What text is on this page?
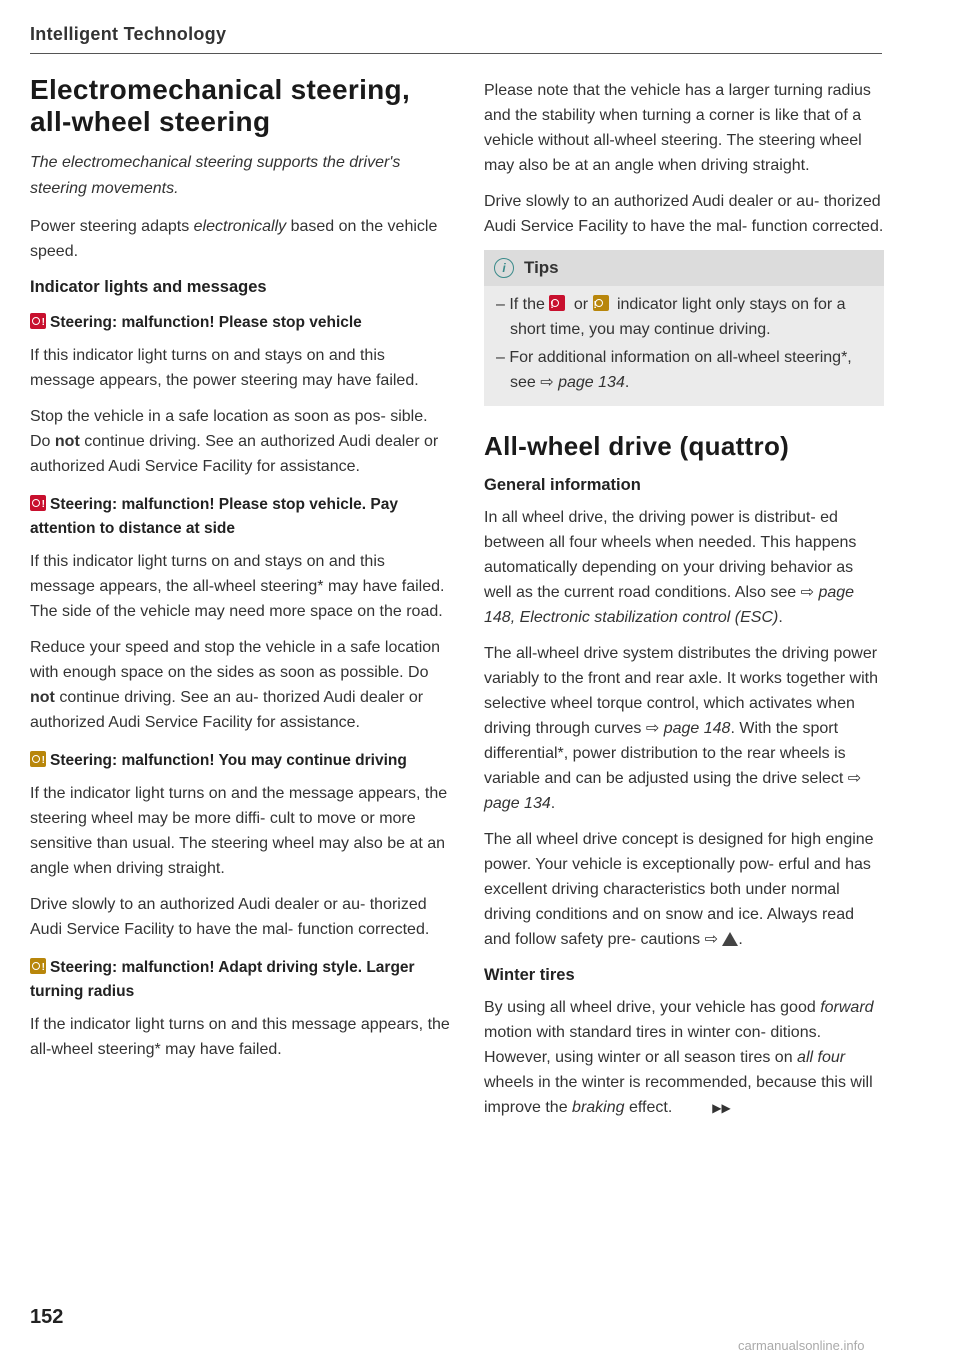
Intelligent Technology
Electromechanical steering, all-wheel steering
The electromechanical steering supports the driver's steering movements.

Power steering adapts electronically based on the vehicle speed.

Indicator lights and messages
!Steering: malfunction! Please stop vehicle

If this indicator light turns on and stays on and this message appears, the power steering may have failed.

Stop the vehicle in a safe location as soon as pos- sible. Do not continue driving. See an authorized Audi dealer or authorized Audi Service Facility for assistance.

!Steering: malfunction! Please stop vehicle. Pay attention to distance at side

If this indicator light turns on and stays on and this message appears, the all-wheel steering* may have failed. The side of the vehicle may need more space on the road.

Reduce your speed and stop the vehicle in a safe location with enough space on the sides as soon as possible. Do not continue driving. See an au- thorized Audi dealer or authorized Audi Service Facility for assistance.

!Steering: malfunction! You may continue driving

If the indicator light turns on and the message appears, the steering wheel may be more diffi- cult to move or more sensitive than usual. The steering wheel may also be at an angle when driving straight.

Drive slowly to an authorized Audi dealer or au- thorized Audi Service Facility to have the mal- function corrected.

!Steering: malfunction! Adapt driving style. Larger turning radius

If the indicator light turns on and this message appears, the all-wheel steering* may have failed.

Please note that the vehicle has a larger turning radius and the stability when turning a corner is like that of a vehicle without all-wheel steering. The steering wheel may also be at an angle when driving straight.

Drive slowly to an authorized Audi dealer or au- thorized Audi Service Facility to have the mal- function corrected.

i	Tips
– If the ! or ! indicator light only stays on for a short time, you may continue driving.
– For additional information on all-wheel steering*, see ⇨ page 134.
All-wheel drive (quattro)
General information

In all wheel drive, the driving power is distribut- ed between all four wheels when needed. This happens automatically depending on your driving behavior as well as the current road conditions. Also see ⇨ page 148, Electronic stabilization control (ESC).

The all-wheel drive system distributes the driving power variably to the front and rear axle. It works together with selective wheel torque control, which activates when driving through curves ⇨ page 148. With the sport differential*, power distribution to the rear wheels is variable and can be adjusted using the drive select ⇨ page 134.

The all wheel drive concept is designed for high engine power. Your vehicle is exceptionally pow- erful and has excellent driving characteristics both under normal driving conditions and on snow and ice. Always read and follow safety pre- cautions ⇨ .

Winter tires

By using all wheel drive, your vehicle has good forward motion with standard tires in winter con- ditions. However, using winter or all season tires on all four wheels in the winter is recommended, because this will improve the braking effect.	▶▶

152
carmanualsonline.info
